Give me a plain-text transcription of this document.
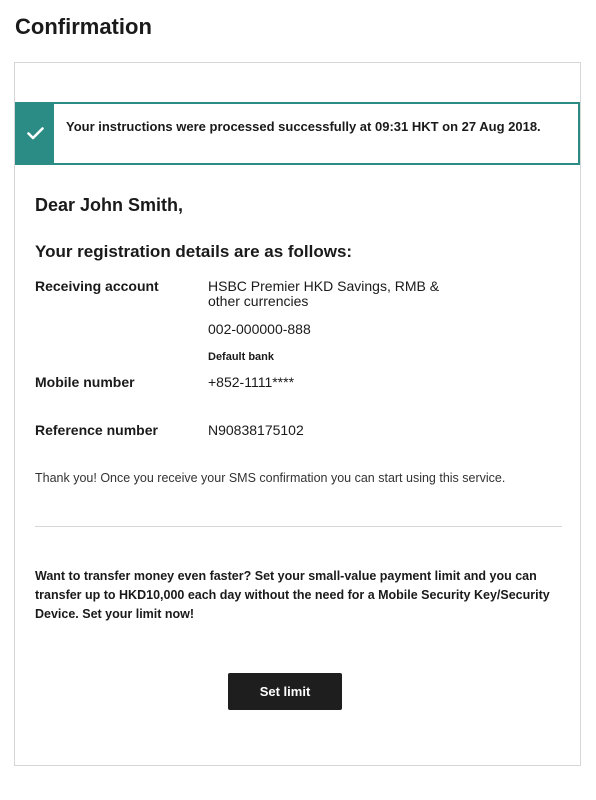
Confirmation
Your instructions were processed successfully at 09:31 HKT on 27 Aug 2018.
Dear John Smith,
Your registration details are as follows:
Receiving account	HSBC Premier HKD Savings, RMB & other currencies
002-000000-888
Default bank
Mobile number	+852-1111****
Reference number	N90838175102

Thank you! Once you receive your SMS confirmation you can start using this service.

Want to transfer money even faster? Set your small-value payment limit and you can transfer up to HKD10,000 each day without the need for a Mobile Security Key/Security Device. Set your limit now!

Set limit
